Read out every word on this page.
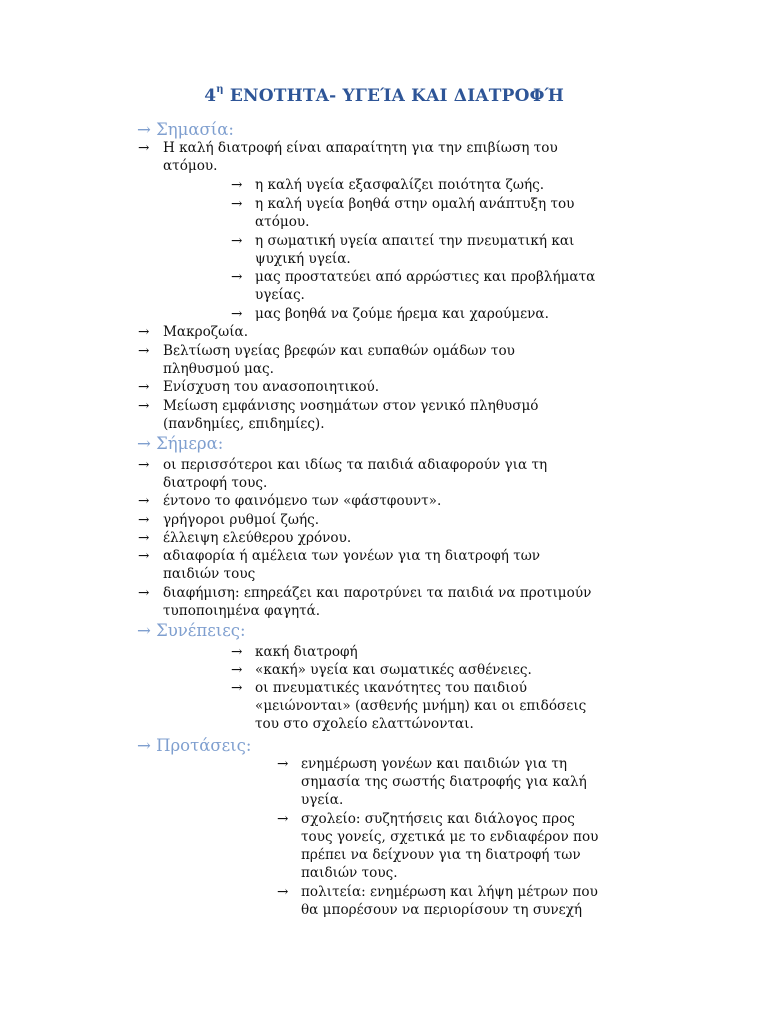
$4^\eta$ ΕΝΟΤΗΤΑ- ΥΓΕΊΑ ΚΑΙ ΔΙΑΤΡΟΦΉ
→ Σημασία:
→	Η καλή διατροφή είναι απαραίτητη για την επιβίωση του
ατόμου.
→ η καλή υγεία εξασφαλίζει ποιότητα ζωής.
→ η καλή υγεία βοηθά στην ομαλή ανάπτυξη του
ατόμου.
→ η σωματική υγεία απαιτεί την πνευματική και
ψυχική υγεία.
→ μας προστατεύει από αρρώστιες και προβλήματα
υγείας.
→ μας βοηθά να ζούμε ήρεμα και χαρούμενα.
→	Μακροζωία.
→	Βελτίωση υγείας βρεφών και ευπαθών ομάδων του
πληθυσμού μας.
→	Ενίσχυση του ανασοποιητικού.
→	Μείωση εμφάνισης νοσημάτων στον γενικό πληθυσμό
(πανδημίες, επιδημίες).
→ Σήμερα:
→	οι περισσότεροι και ιδίως τα παιδιά αδιαφορούν για τη
διατροφή τους.
→	έντονο το φαινόμενο των «φάστφουντ».
→	γρήγοροι ρυθμοί ζωής.
→	έλλειψη ελεύθερου χρόνου.
→	αδιαφορία ή αμέλεια των γονέων για τη διατροφή των
παιδιών τους
→	διαφήμιση: επηρεάζει και παροτρύνει τα παιδιά να προτιμούν
τυποποιημένα φαγητά.
→ Συνέπειες:
→ κακή διατροφή
→ «κακή» υγεία και σωματικές ασθένειες.
→ οι πνευματικές ικανότητες του παιδιού
«μειώνονται» (ασθενής μνήμη) και οι επιδόσεις
του στο σχολείο ελαττώνονται.
→ Προτάσεις:
→ ενημέρωση γονέων και παιδιών για τη
σημασία της σωστής διατροφής για καλή
υγεία.
→ σχολείο: συζητήσεις και διάλογος προς
τους γονείς, σχετικά με το ενδιαφέρον που
πρέπει να δείχνουν για τη διατροφή των
παιδιών τους.
→ πολιτεία: ενημέρωση και λήψη μέτρων που
θα μπορέσουν να περιορίσουν τη συνεχή
